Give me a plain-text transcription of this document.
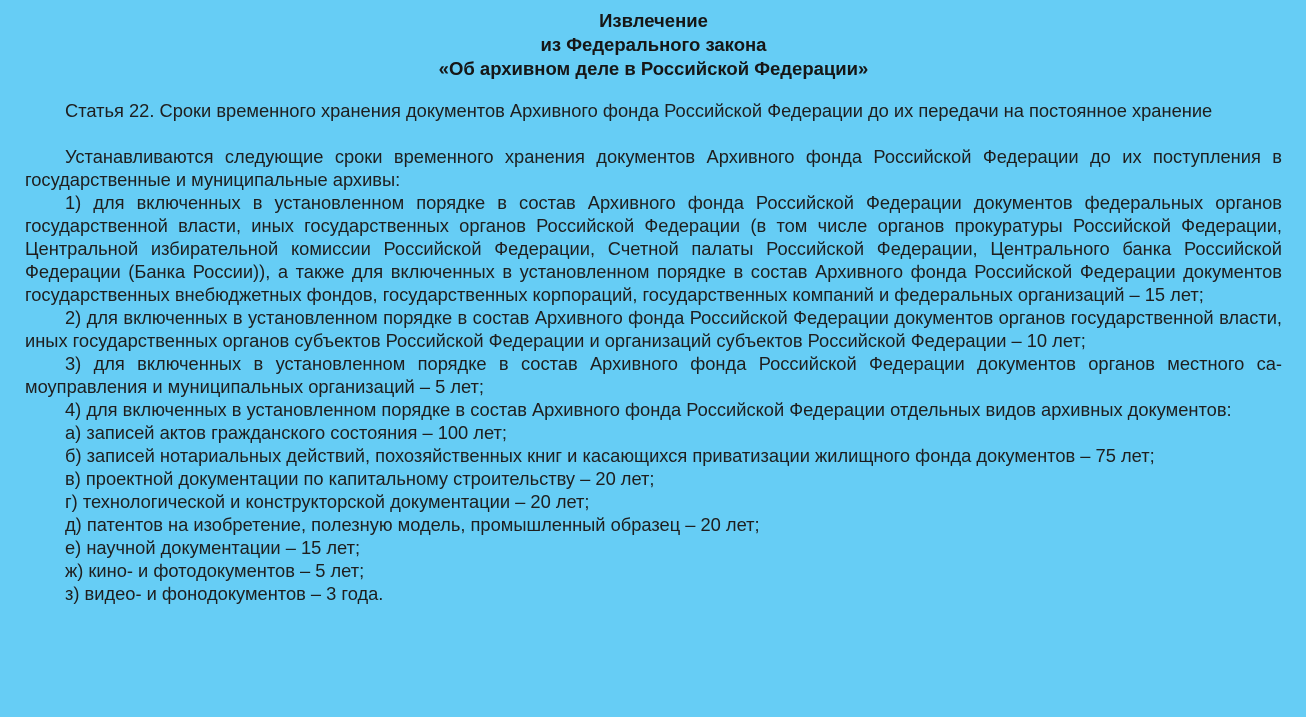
Извлечение
из Федерального закона
«Об архивном деле в Российской Федерации»
Статья 22. Сроки временного хранения документов Архивного фонда Российской Федерации до их передачи на постоянное хранение
Устанавливаются следующие сроки временного хранения документов Архивного фонда Российской Федерации до их поступления в государственные и муниципальные архивы:
1) для включенных в установленном порядке в состав Архивного фонда Российской Федерации документов федеральных органов государственной власти, иных государственных органов Российской Федерации (в том числе органов прокуратуры Российской Федерации, Центральной избирательной комиссии Российской Федерации, Счетной палаты Российской Федерации, Центрального банка Российской Федерации (Банка России)), а также для включенных в установленном порядке в состав Архивного фонда Российской Федерации документов государственных внебюджетных фондов, государственных корпораций, государственных компаний и федеральных организаций – 15 лет;
2) для включенных в установленном порядке в состав Архивного фонда Российской Федерации документов органов государственной власти, иных государственных органов субъектов Российской Федерации и организаций субъектов Российской Федерации – 10 лет;
3) для включенных в установленном порядке в состав Архивного фонда Российской Федерации документов органов местного самоуправления и муниципальных организаций – 5 лет;
4) для включенных в установленном порядке в состав Архивного фонда Российской Федерации отдельных видов архивных документов:
а) записей актов гражданского состояния – 100 лет;
б) записей нотариальных действий, похозяйственных книг и касающихся приватизации жилищного фонда документов – 75 лет;
в) проектной документации по капитальному строительству – 20 лет;
г) технологической и конструкторской документации – 20 лет;
д) патентов на изобретение, полезную модель, промышленный образец – 20 лет;
е) научной документации – 15 лет;
ж) кино- и фотодокументов – 5 лет;
з) видео- и фонодокументов – 3 года.
